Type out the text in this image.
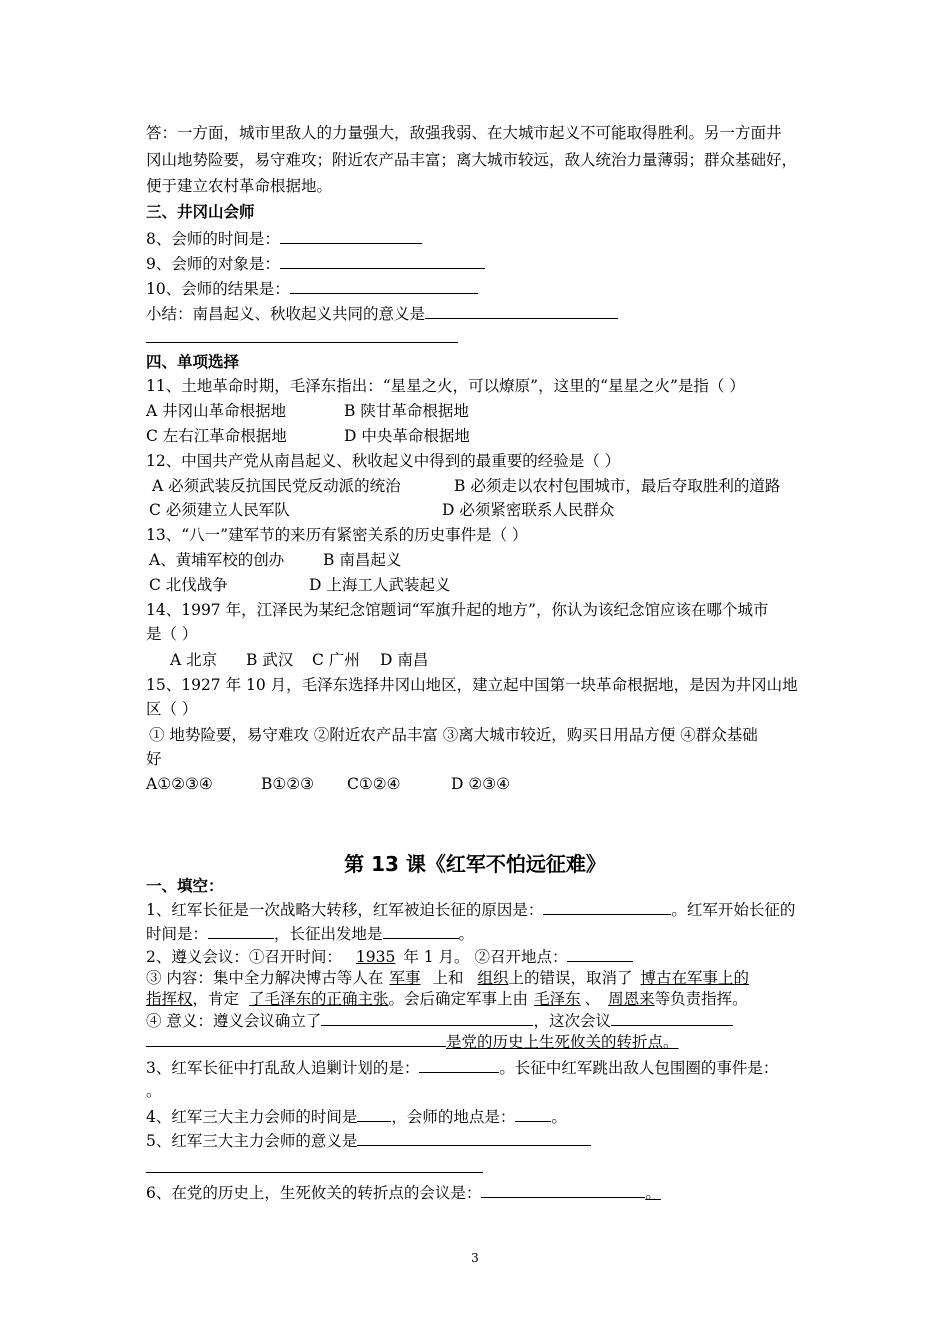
答：一方面，城市里敌人的力量强大，敌强我弱、在大城市起义不可能取得胜利。另一方面井
冈山地势险要，易守难攻；附近农产品丰富；离大城市较远，敌人统治力量薄弱；群众基础好，
便于建立农村革命根据地。
三、井冈山会师
8、会师的时间是：
9、会师的对象是：
10、会师的结果是：
小结：南昌起义、秋收起义共同的意义是
四、单项选择
11、土地革命时期，毛泽东指出：“星星之火，可以燎原”，这里的“星星之火”是指（ ）
A 井冈山革命根据地	B 陕甘革命根据地
C 左右江革命根据地	D 中央革命根据地
12、中国共产党从南昌起义、秋收起义中得到的最重要的经验是（ ）
A 必须武装反抗国民党反动派的统治	B 必须走以农村包围城市，最后夺取胜利的道路
C 必须建立人民军队	D 必须紧密联系人民群众
13、“八一”建军节的来历有紧密关系的历史事件是（ ）
A、黄埔军校的创办	B 南昌起义
C 北伐战争	D 上海工人武装起义
14、1997 年，江泽民为某纪念馆题词“军旗升起的地方”，你认为该纪念馆应该在哪个城市
是（ ）
A 北京 B 武汉 C 广州 D 南昌
15、1927 年 10 月，毛泽东选择井冈山地区，建立起中国第一块革命根据地，是因为井冈山地
区（ ）
① 地势险要，易守难攻 ②附近农产品丰富 ③离大城市较近，购买日用品方便 ④群众基础
好
A①②③④	B①②③ C①②④	D ②③④
第 13 课《红军不怕远征难》
一、填空：
1、红军长征是一次战略大转移，红军被迫长征的原因是：	。红军开始长征的
时间是：	，长征出发地是	。
2、遵义会议：①召开时间： 1935 年 1 月。 ②召开地点：
③ 内容：集中全力解决博古等人在 军事 上和 组织上的错误，取消了 博古在军事上的
指挥权，肯定 了毛泽东的正确主张。会后确定军事上由 毛泽东 、 周恩来等负责指挥。
④ 意义：遵义会议确立了	，这次会议
是党的历史上生死攸关的转折点。
3、红军长征中打乱敌人追剿计划的是：	。长征中红军跳出敌人包围圈的事件是：
。
4、红军三大主力会师的时间是 ，会师的地点是： 。
5、红军三大主力会师的意义是
6、在党的历史上，生死攸关的转折点的会议是：	。
3
